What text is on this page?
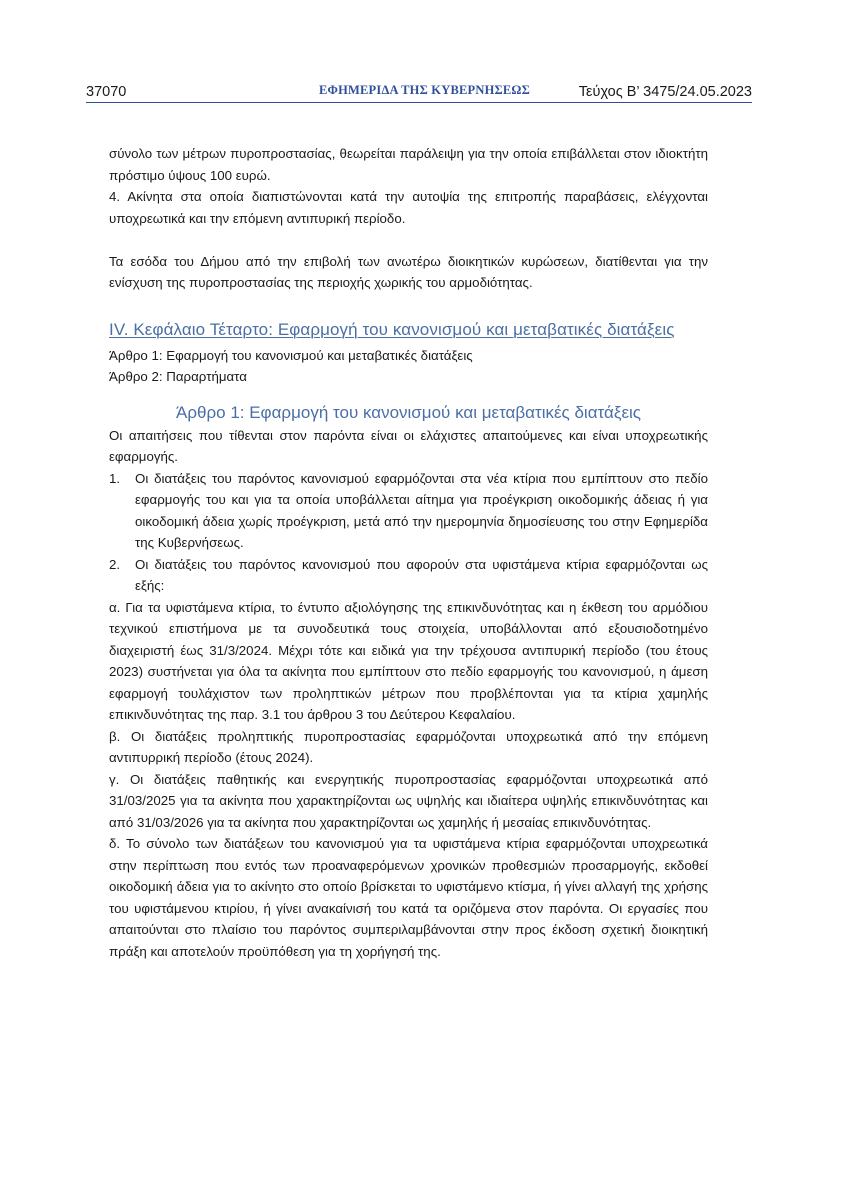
37070	ΕΦΗΜΕΡΙΔΑ ΤΗΣ ΚΥΒΕΡΝΗΣΕΩΣ	Τεύχος Β’ 3475/24.05.2023

σύνολο των μέτρων πυροπροστασίας, θεωρείται παράλειψη για την οποία επιβάλλεται στον ιδιοκτήτη πρόστιμο ύψους 100 ευρώ.

4. Ακίνητα στα οποία διαπιστώνονται κατά την αυτοψία της επιτροπής παραβάσεις, ελέγχονται υποχρεωτικά και την επόμενη αντιπυρική περίοδο.

Τα εσόδα του Δήμου από την επιβολή των ανωτέρω διοικητικών κυρώσεων, διατίθενται για την ενίσχυση της πυροπροστασίας της περιοχής χωρικής του αρμοδιότητας.

IV. Κεφάλαιο Τέταρτο: Εφαρμογή του κανονισμού και μεταβατικές διατάξεις

Άρθρο 1: Εφαρμογή του κανονισμού και μεταβατικές διατάξεις

Άρθρο 2: Παραρτήματα

Άρθρο 1: Εφαρμογή του κανονισμού και μεταβατικές διατάξεις

Οι απαιτήσεις που τίθενται στον παρόντα είναι οι ελάχιστες απαιτούμενες και είναι υποχρεωτικής εφαρμογής.

1.	Οι διατάξεις του παρόντος κανονισμού εφαρμόζονται στα νέα κτίρια που εμπίπτουν στο πεδίο εφαρμογής του και για τα οποία υποβάλλεται αίτημα για προέγκριση οικοδομικής άδειας ή για οικοδομική άδεια χωρίς προέγκριση, μετά από την ημερομηνία δημοσίευσης του στην Εφημερίδα της Κυβερνήσεως.

2.	Οι διατάξεις του παρόντος κανονισμού που αφορούν στα υφιστάμενα κτίρια εφαρμόζονται ως εξής:

α. Για τα υφιστάμενα κτίρια, το έντυπο αξιολόγησης της επικινδυνότητας και η έκθεση του αρμόδιου τεχνικού επιστήμονα με τα συνοδευτικά τους στοιχεία, υποβάλλονται από εξουσιοδοτημένο διαχειριστή έως 31/3/2024. Μέχρι τότε και ειδικά για την τρέχουσα αντιπυρική περίοδο (του έτους 2023) συστήνεται για όλα τα ακίνητα που εμπίπτουν στο πεδίο εφαρμογής του κανονισμού, η άμεση εφαρμογή τουλάχιστον των προληπτικών μέτρων που προβλέπονται για τα κτίρια χαμηλής επικινδυνότητας της παρ. 3.1 του άρθρου 3 του Δεύτερου Κεφαλαίου.

β. Οι διατάξεις προληπτικής πυροπροστασίας εφαρμόζονται υποχρεωτικά από την επόμενη αντιπυρρική περίοδο (έτους 2024).

γ. Οι διατάξεις παθητικής και ενεργητικής πυροπροστασίας εφαρμόζονται υποχρεωτικά από 31/03/2025 για τα ακίνητα που χαρακτηρίζονται ως υψηλής και ιδιαίτερα υψηλής επικινδυνότητας και από 31/03/2026 για τα ακίνητα που χαρακτηρίζονται ως χαμηλής ή μεσαίας επικινδυνότητας.

δ. Το σύνολο των διατάξεων του κανονισμού για τα υφιστάμενα κτίρια εφαρμόζονται υποχρεωτικά στην περίπτωση που εντός των προαναφερόμενων χρονικών προθεσμιών προσαρμογής, εκδοθεί οικοδομική άδεια για το ακίνητο στο οποίο βρίσκεται το υφιστάμενο κτίσμα, ή γίνει αλλαγή της χρήσης του υφιστάμενου κτιρίου, ή γίνει ανακαίνισή του κατά τα οριζόμενα στον παρόντα. Οι εργασίες που απαιτούνται στο πλαίσιο του παρόντος συμπεριλαμβάνονται στην προς έκδοση σχετική διοικητική πράξη και αποτελούν προϋπόθεση για τη χορήγησή της.
